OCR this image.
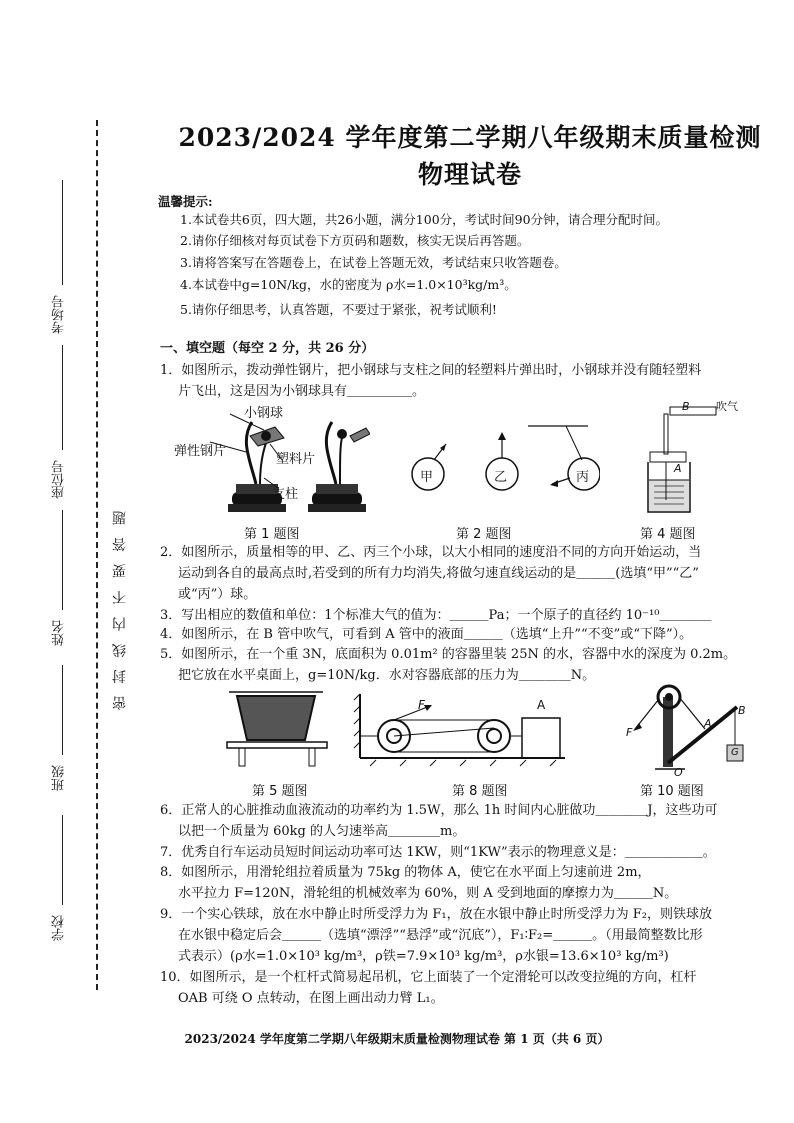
考场号
座位号
姓名
班级
学校
密 封 线 内 不 要 答 题
2023/2024 学年度第二学期八年级期末质量检测
物理试卷
温馨提示:
1.本试卷共6页，四大题，共26小题，满分100分，考试时间90分钟，请合理分配时间。
2.请你仔细核对每页试卷下方页码和题数，核实无误后再答题。
3.请将答案写在答题卷上，在试卷上答题无效，考试结束只收答题卷。
4.本试卷中g=10N/kg，水的密度为 ρ水=1.0×10³kg/m³。
5.请你仔细思考，认真答题，不要过于紧张，祝考试顺利!
一、填空题（每空 2 分，共 26 分）
1．如图所示，拨动弹性钢片，把小钢球与支柱之间的轻塑料片弹出时，小钢球并没有随轻塑料
片飞出，这是因为小钢球具有＿＿＿＿＿。
小钢球
弹性钢片
塑料片
支柱
第 1 题图
甲	乙	丙
第 2 题图
B 吹气
A
第 4 题图
2．如图所示，质量相等的甲、乙、丙三个小球，以大小相同的速度沿不同的方向开始运动，当
运动到各自的最高点时,若受到的所有力均消失,将做匀速直线运动的是＿＿＿(选填“甲”“乙”
或“丙”）球。
3．写出相应的数值和单位：1个标准大气的值为：＿＿＿Pa；一个原子的直径约 10⁻¹⁰＿＿＿＿
4．如图所示，在 B 管中吹气，可看到 A 管中的液面＿＿＿（选填“上升”“不变”或“下降”）。
5．如图所示，在一个重 3N，底面积为 0.01m² 的容器里装 25N 的水，容器中水的深度为 0.2m。
把它放在水平桌面上，g=10N/kg．水对容器底部的压力为＿＿＿＿N。
第 5 题图
F	A
第 8 题图
F
A
B
O
G
第 10 题图
6．正常人的心脏推动血液流动的功率约为 1.5W，那么 1h 时间内心脏做功＿＿＿＿J，这些功可
以把一个质量为 60kg 的人匀速举高＿＿＿＿m。
7．优秀自行车运动员短时间运动功率可达 1KW，则“1KW”表示的物理意义是：＿＿＿＿＿＿。
8．如图所示，用滑轮组拉着质量为 75kg 的物体 A，使它在水平面上匀速前进 2m，
水平拉力 F=120N，滑轮组的机械效率为 60%，则 A 受到地面的摩擦力为＿＿＿N。
9．一个实心铁球，放在水中静止时所受浮力为 F₁，放在水银中静止时所受浮力为 F₂，则铁球放
在水银中稳定后会＿＿＿（选填“漂浮”“悬浮”或“沉底”），F₁∶F₂=＿＿＿。（用最简整数比形
式表示）(ρ水=1.0×10³ kg/m³，ρ铁=7.9×10³ kg/m³，ρ水银=13.6×10³ kg/m³)
10．如图所示，是一个杠杆式简易起吊机，它上面装了一个定滑轮可以改变拉绳的方向，杠杆
OAB 可绕 O 点转动，在图上画出动力臂 L₁。
2023/2024 学年度第二学期八年级期末质量检测物理试卷 第 1 页（共 6 页）
